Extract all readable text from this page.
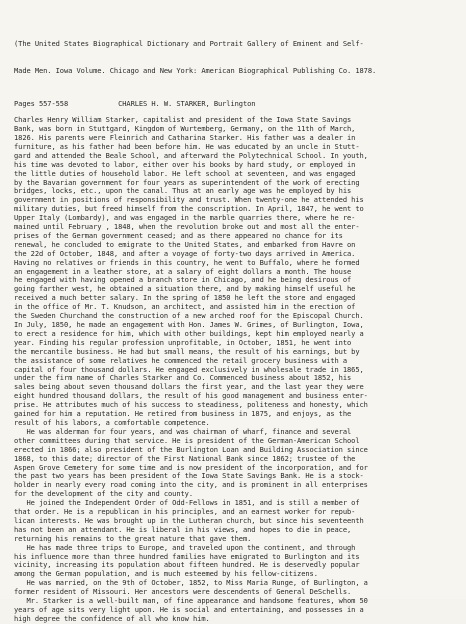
(The United States Biographical Dictionary and Portrait Gallery of Eminent and Self-

Made Men. Iowa Volume. Chicago and New York: American Biographical Publishing Co. 1878.

Pages 557-558	CHARLES H. W. STARKER, Burlington
Charles Henry William Starker, capitalist and president of the Iowa State Savings
Bank, was born in Stuttgard, Kingdom of Wurtemberg, Germany, on the 11th of March,
1826. His parents were Fleinrich and Catharina Starker. His father was a dealer in
furniture, as his father had been before him. He was educated by an uncle in Stutt-
gard and attended the Beale School, and afterward the Polytechnical School. In youth,
his time was devoted to labor, either over his books by hard study, or employed in
the little duties of household labor. He left school at seventeen, and was engaged
by the Bavarian government for four years as superintendent of the work of erecting
bridges, locks, etc., upon the canal. Thus at an early age was he employed by his
government in positions of responsibility and trust. When twenty-one he attended his
military duties, but freed himself from the conscription. In April, 1847, he went to
Upper Italy (Lombardy), and was engaged in the marble quarries there, where he re-
mained until February , 1848, when the revolution broke out and most all the enter-
prises of the German government ceased; and as there appeared no chance for its
renewal, he concluded to emigrate to the United States, and embarked from Havre on
the 22d of October, 1848, and after a voyage of forty-two days arrived in America.
Having no relatives or friends in this country, he went to Buffalo, where he formed
an engagement in a leather store, at a salary of eight dollars a month. The house
he engaged with having opened a branch store in Chicago, and he being desirous of
going farther west, he obtained a situation there, and by making himself useful he
received a much better salary. In the spring of 1850 he left the store and engaged
in the office of Mr. T. Knudson, an architect, and assisted him in the erection of
the Sweden Churchand the construction of a new arched roof for the Episcopal Church.
In July, 1850, he made an engagement with Hon. James W. Grimes, of Burlington, Iowa,
to erect a residence for him, which with other buildings, kept him employed nearly a
year. Finding his regular profession unprofitable, in October, 1851, he went into
the mercantile business. He had but small means, the result of his earnings, but by
the assistance of some relatives he commenced the retail grocery business with a
capital of four thousand dollars. He engaged exclusively in wholesale trade in 1865,
under the firm name of Charles Starker and Co. Commenced business about 1852, his
sales being about seven thousand dollars the first year, and the last year they were
eight hundred thousand dollars, the result of his good management and business enter-
prise. He attributes much of his success to steadiness, politeness and honesty, which
gained for him a reputation. He retired from business in 1875, and enjoys, as the
result of his labors, a comfortable competence.
He was alderman for four years, and was chairman of wharf, finance and several
other committees during that service. He is president of the German-American School
erected in 1866; also president of the Burlington Loan and Building Association since
1868, to this date; director of the First National Bank since 1862; trustee of the
Aspen Grove Cemetery for some time and is now president of the incorporation, and for
the past two years has been president of the Iowa State Savings Bank. He is a stock-
holder in nearly every road coming into the city, and is prominent in all enterprises
for the development of the city and county.
He joined the Independent Order of Odd-Fellows in 1851, and is still a member of
that order. He is a republican in his principles, and an earnest worker for repub-
lican interests. He was brought up in the Lutheran church, but since his seventeenth
has not been an attendant. He is liberal in his views, and hopes to die in peace,
returning his remains to the great nature that gave them.
He has made three trips to Europe, and traveled upon the continent, and through
his influence more than three hundred families have emigrated to Burlington and its
vicinity, increasing its population about fifteen hundred. He is deservedly popular
among the German population, and is much esteemed by his fellow-citizens.
He was married, on the 9th of October, 1852, to Miss Maria Runge, of Burlington, a
former resident of Missouri. Her ancestors were descendents of General DeSchells.
Mr. Starker is a well-built man, of fine appearance and handsome features, whom 50
years of age sits very light upon. He is social and entertaining, and possesses in a
high degree the confidence of all who know him.
